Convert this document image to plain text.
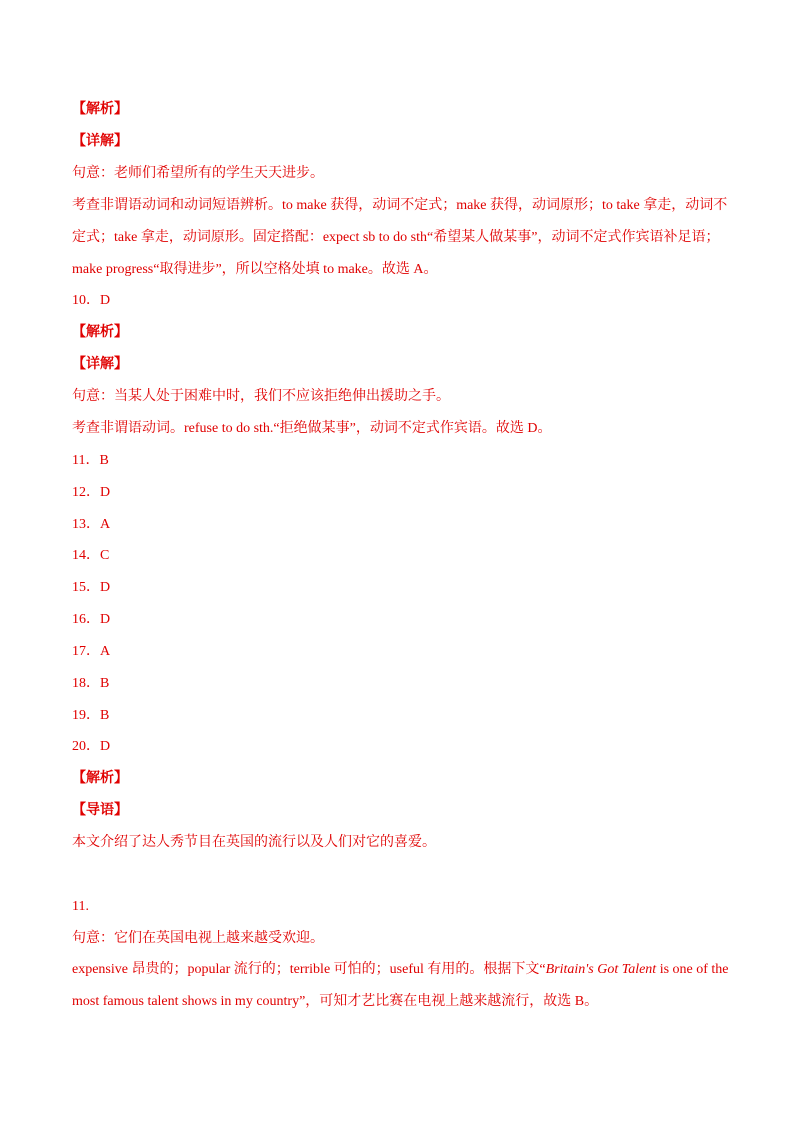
【解析】
【详解】
句意：老师们希望所有的学生天天进步。
考查非谓语动词和动词短语辨析。to make 获得，动词不定式；make 获得，动词原形；to take 拿走，动词不
定式；take 拿走，动词原形。固定搭配：expect sb to do sth“希望某人做某事”，动词不定式作宾语补足语；
make progress“取得进步”，所以空格处填 to make。故选 A。
10．D
【解析】
【详解】
句意：当某人处于困难中时，我们不应该拒绝伸出援助之手。
考查非谓语动词。refuse to do sth.“拒绝做某事”，动词不定式作宾语。故选 D。
11．B
12．D
13．A
14．C
15．D
16．D
17．A
18．B
19．B
20．D
【解析】
【导语】
本文介绍了达人秀节目在英国的流行以及人们对它的喜爱。
11.
句意：它们在英国电视上越来越受欢迎。
expensive 昂贵的；popular 流行的；terrible 可怕的；useful 有用的。根据下文“Britain's Got Talent is one of the
most famous talent shows in my country”，可知才艺比赛在电视上越来越流行，故选 B。
